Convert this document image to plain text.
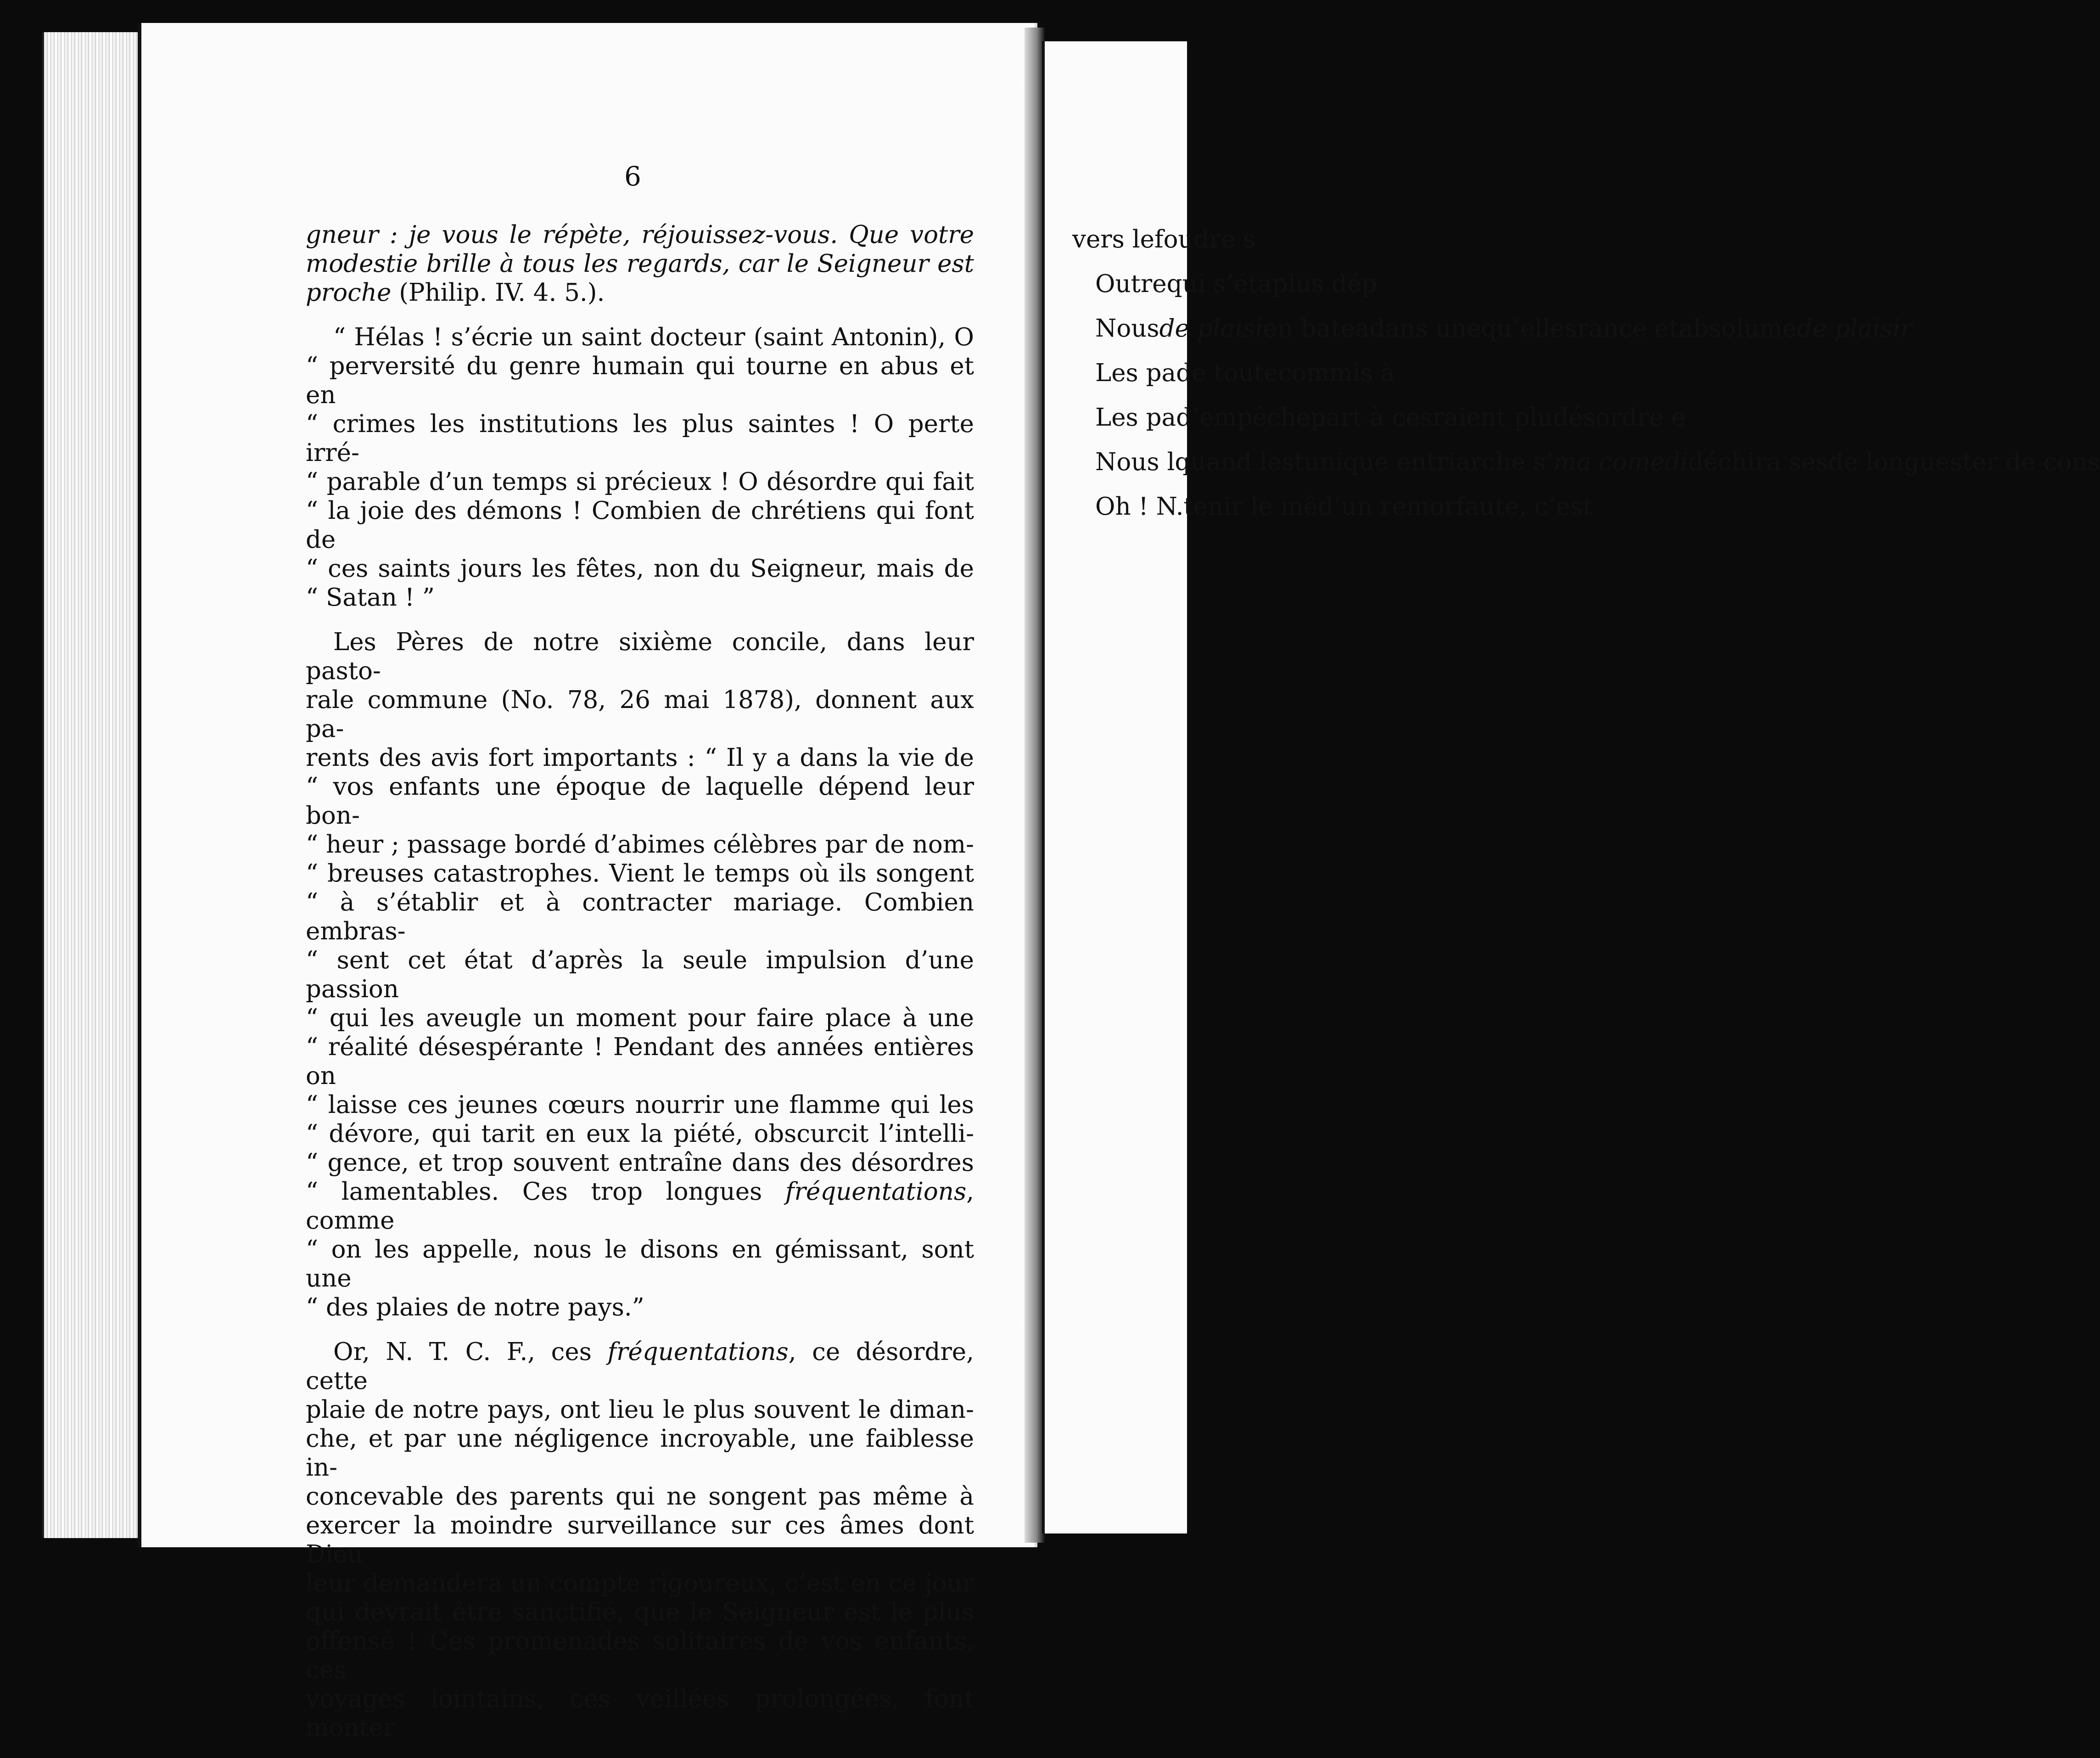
6

gneur : je vous le répète, réjouissez-vous. Que votre
modestie brille à tous les regards, car le Seigneur est
proche (Philip. IV. 4. 5.).

“ Hélas ! s’écrie un saint docteur (saint Antonin), O
“ perversité du genre humain qui tourne en abus et en
“ crimes les institutions les plus saintes ! O perte irré-
“ parable d’un temps si précieux ! O désordre qui fait
“ la joie des démons ! Combien de chrétiens qui font de
“ ces saints jours les fêtes, non du Seigneur, mais de
“ Satan ! ”

Les Pères de notre sixième concile, dans leur pasto-
rale commune (No. 78, 26 mai 1878), donnent aux pa-
rents des avis fort importants : “ Il y a dans la vie de
“ vos enfants une époque de laquelle dépend leur bon-
“ heur ; passage bordé d’abimes célèbres par de nom-
“ breuses catastrophes. Vient le temps où ils songent
“ à s’établir et à contracter mariage. Combien embras-
“ sent cet état d’après la seule impulsion d’une passion
“ qui les aveugle un moment pour faire place à une
“ réalité désespérante ! Pendant des années entières on
“ laisse ces jeunes cœurs nourrir une flamme qui les
“ dévore, qui tarit en eux la piété, obscurcit l’intelli-
“ gence, et trop souvent entraîne dans des désordres
“ lamentables. Ces trop longues fréquentations, comme
“ on les appelle, nous le disons en gémissant, sont une
“ des plaies de notre pays.”

Or, N. T. C. F., ces fréquentations, ce désordre, cette
plaie de notre pays, ont lieu le plus souvent le diman-
che, et par une négligence incroyable, une faiblesse in-
concevable des parents qui ne songent pas même à
exercer la moindre surveillance sur ces âmes dont Dieu
leur demandera un compte rigoureux, c’est en ce jour
qui devrait être sanctifié, que le Seigneur est le plus
offensé ! Ces promenades solitaires de vos enfants, ces
voyages lointains, ces veillées prolongées, font monter

vers lefoudre s

Outrequi s’étaplus dép

Nousde plaisien bateadans unequ’ellesrance etabsolumede plaisir

Les pade toutecommis à

Les pad’empêchepart à cesraient pludésordre e

Nous lquand lestunique entriarche s’ma comedidéchira sesde longuester de cons

Oh ! N.tenir le mêd’un remorfaute, c’est
